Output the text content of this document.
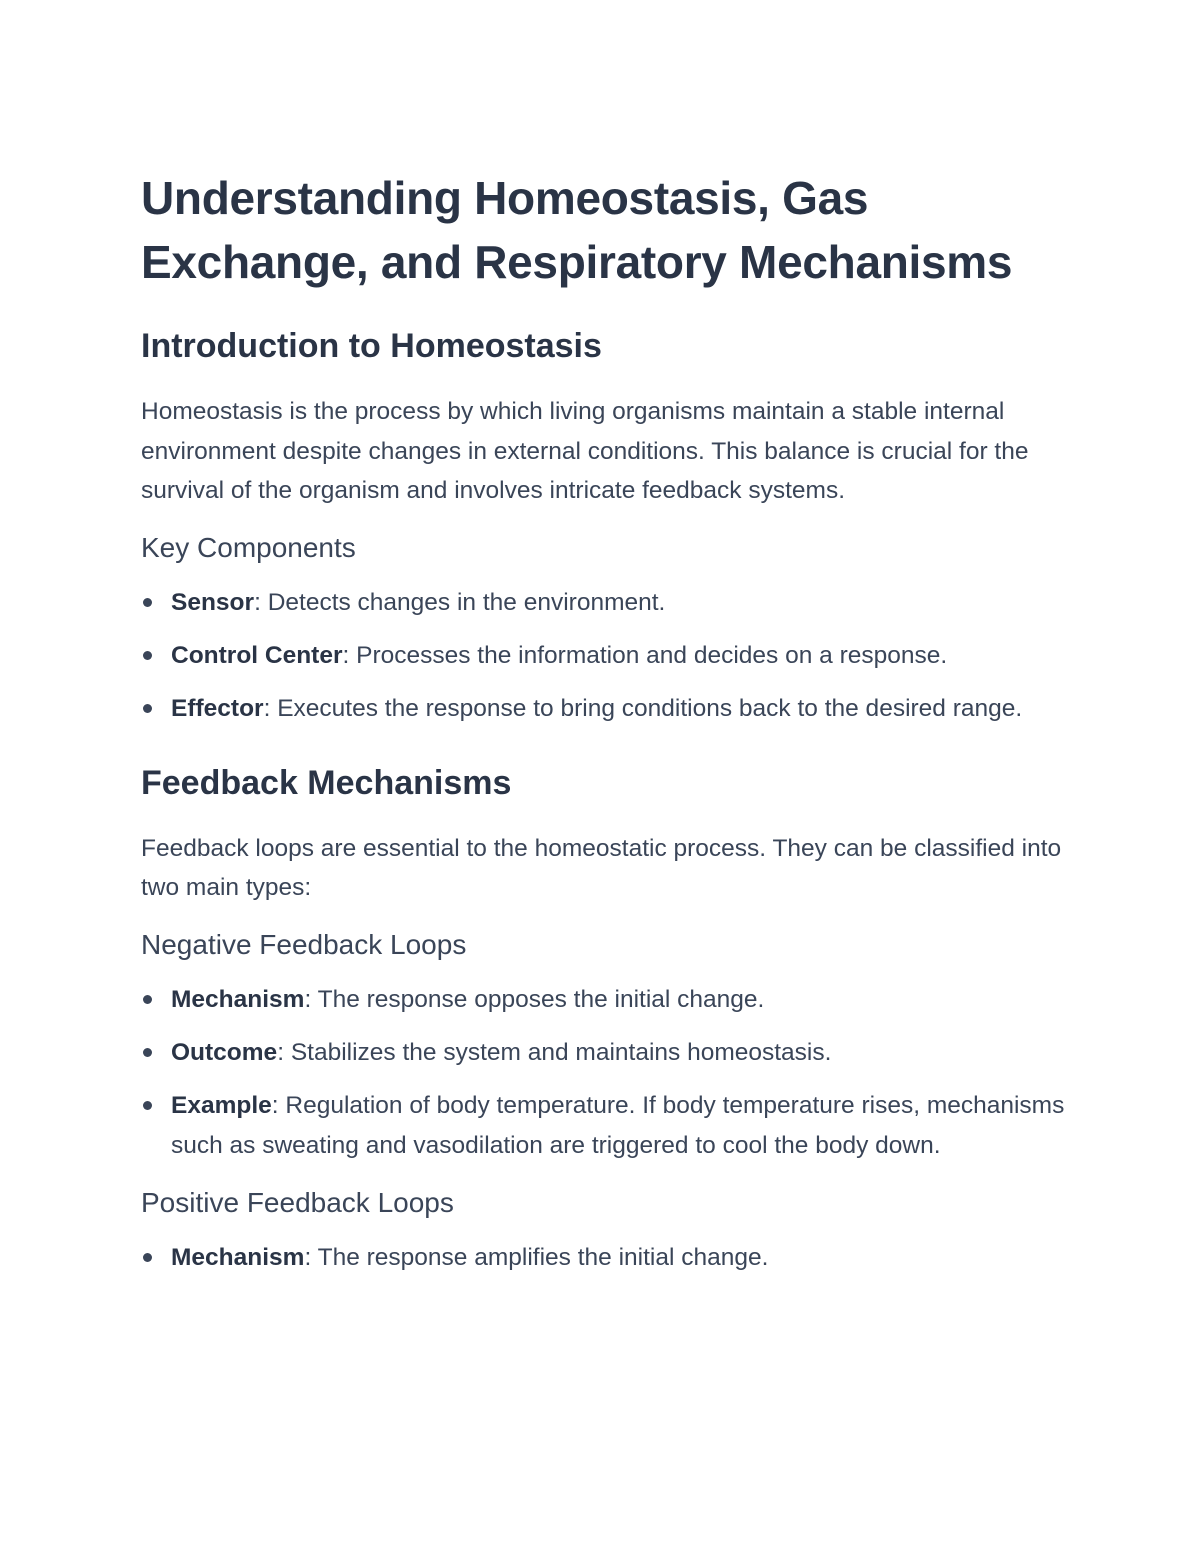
Understanding Homeostasis, Gas Exchange, and Respiratory Mechanisms
Introduction to Homeostasis

Homeostasis is the process by which living organisms maintain a stable internal environment despite changes in external conditions. This balance is crucial for the survival of the organism and involves intricate feedback systems.

Key Components
Sensor: Detects changes in the environment.
Control Center: Processes the information and decides on a response.
Effector: Executes the response to bring conditions back to the desired range.
Feedback Mechanisms

Feedback loops are essential to the homeostatic process. They can be classified into two main types:

Negative Feedback Loops
Mechanism: The response opposes the initial change.
Outcome: Stabilizes the system and maintains homeostasis.
Example: Regulation of body temperature. If body temperature rises, mechanisms such as sweating and vasodilation are triggered to cool the body down.
Positive Feedback Loops
Mechanism: The response amplifies the initial change.
